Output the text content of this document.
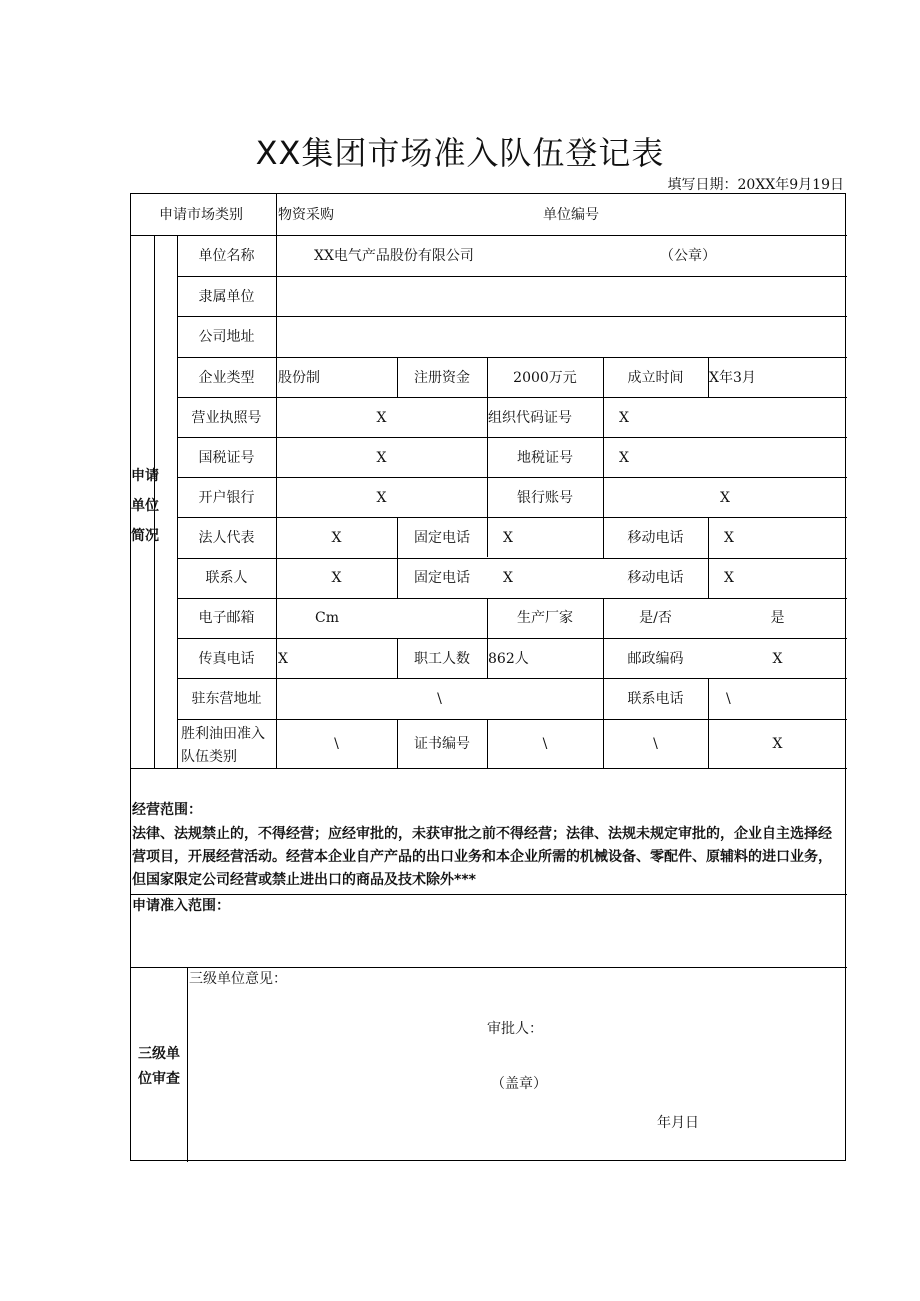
XX集团市场准入队伍登记表
填写日期：20XX年9月19日
申请市场类别	物资采购	单位编号
申请
单位
简况
单位名称	XX电气产品股份有限公司	（公章）
隶属单位
公司地址
企业类型	股份制	注册资金	2000万元	成立时间	X年3月
营业执照号	X	组织代码证号	X
国税证号	X	地税证号	X
开户银行	X	银行账号	X
法人代表	X	固定电话	X	移动电话	X
联系人	X	固定电话	X	移动电话	X
电子邮箱	Cm	生产厂家	是/否	是
传真电话	X	职工人数	862人	邮政编码	X
驻东营地址	\	联系电话	\
胜利油田准入
队伍类别
\	证书编号	\	\	X
经营范围：
法律、法规禁止的，不得经营；应经审批的，未获审批之前不得经营；法律、法规未规定审批的，企业自主选择经营项目，开展经营活动。经营本企业自产产品的出口业务和本企业所需的机械设备、零配件、原辅料的进口业务，但国家限定公司经营或禁止进出口的商品及技术除外***
申请准入范围：
三级单
位审查
三级单位意见：
审批人：
（盖章）
年月日
